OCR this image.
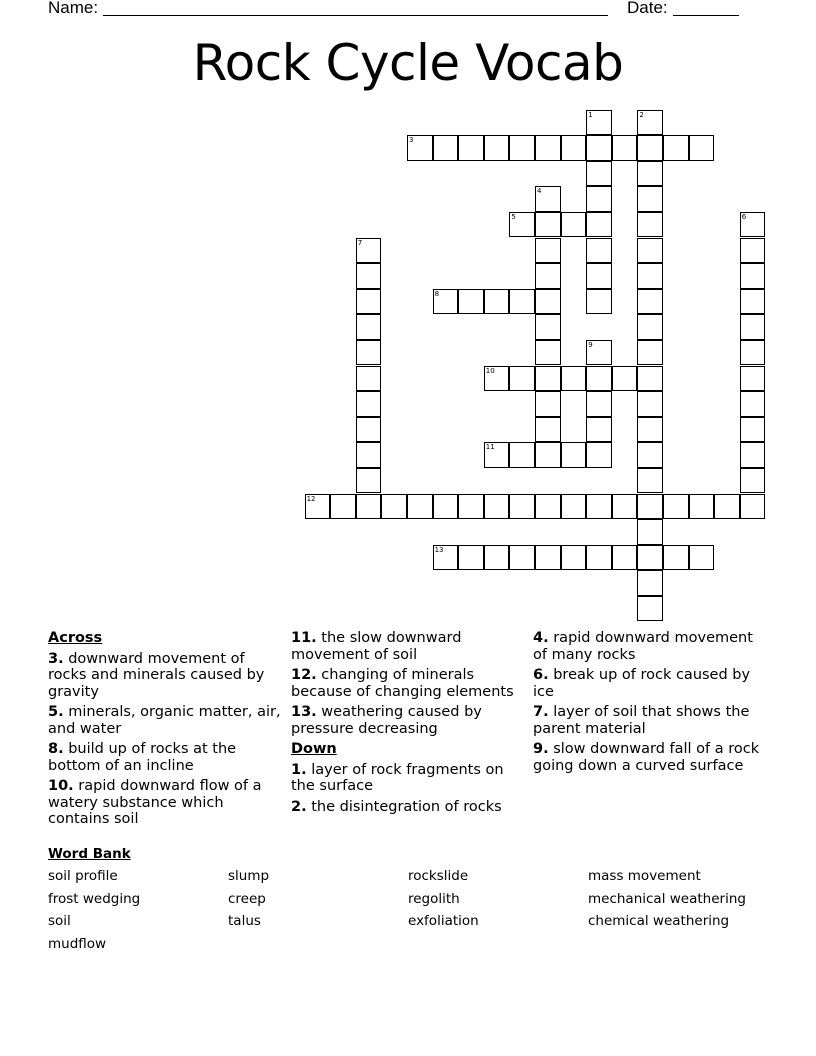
Name:	Date:
Rock Cycle Vocab
1	2
3
4
5	6
7
8
9
10
11
12
13
Across

3. downward movement of rocks and minerals caused by gravity

5. minerals, organic matter, air, and water

8. build up of rocks at the bottom of an incline

10. rapid downward flow of a watery substance which contains soil

11. the slow downward movement of soil

12. changing of minerals because of changing elements

13. weathering caused by pressure decreasing

Down

1. layer of rock fragments on the surface

2. the disintegration of rocks

4. rapid downward movement of many rocks

6. break up of rock caused by ice

7. layer of soil that shows the parent material

9. slow downward fall of a rock going down a curved surface

Word Bank
soil profile	slump	rockslide	mass movement
frost wedging	creep	regolith	mechanical weathering
soil	talus	exfoliation	chemical weathering
mudflow
